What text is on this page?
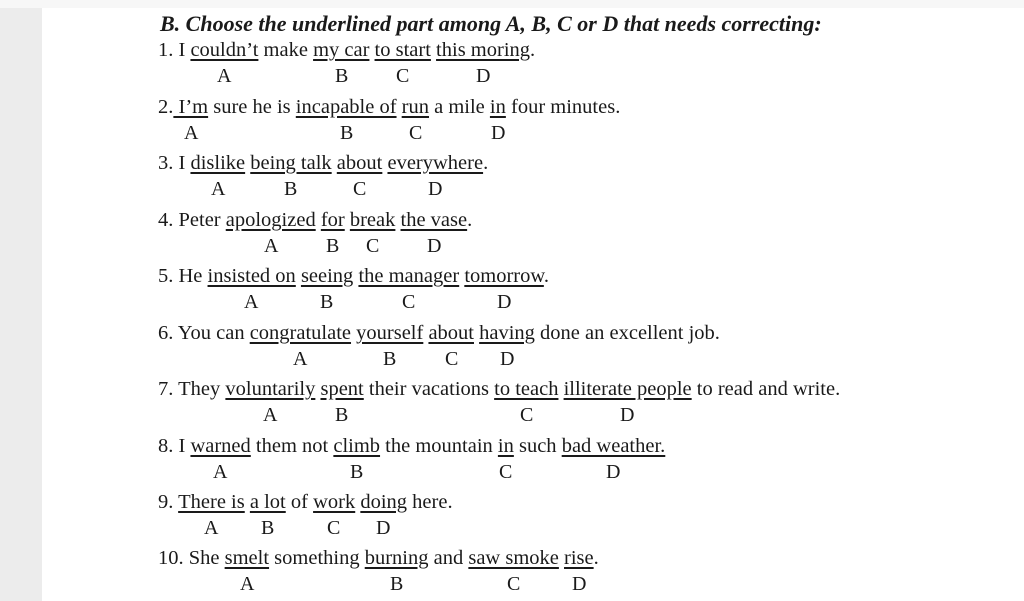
B. Choose the underlined part among A, B, C or D that needs correcting:
1. I couldn’t make my car to start this moring.
A	B C	D
2. I’m sure he is incapable of run a mile in four minutes.
A	B	C	D
3. I dislike being talk about everywhere.
A	B	C	D
4. Peter apologized for break the vase.
A B C D
5. He insisted on seeing the manager tomorrow.
A	B	C	D
6. You can congratulate yourself about having done an excellent job.
A	B C D
7. They voluntarily spent their vacations to teach illiterate people to read and write.
A	B	C	D
8. I warned them not climb the mountain in such bad weather.
A	B	C	D
9. There is a lot of work doing here.
A B	C D
10. She smelt something burning and saw smoke rise.
A	B	C	D
